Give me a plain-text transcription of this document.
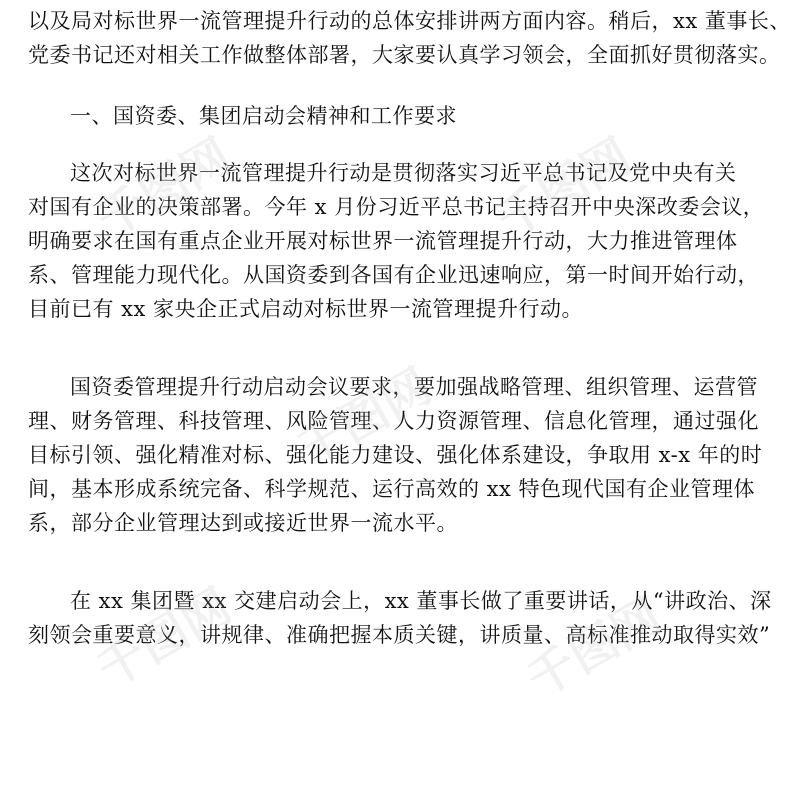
以及局对标世界一流管理提升行动的总体安排讲两方面内容。稍后，xx 董事长、
党委书记还对相关工作做整体部署，大家要认真学习领会，全面抓好贯彻落实。

一、国资委、集团启动会精神和工作要求

这次对标世界一流管理提升行动是贯彻落实习近平总书记及党中央有关
对国有企业的决策部署。今年 x 月份习近平总书记主持召开中央深改委会议，
明确要求在国有重点企业开展对标世界一流管理提升行动，大力推进管理体
系、管理能力现代化。从国资委到各国有企业迅速响应，第一时间开始行动，
目前已有 xx 家央企正式启动对标世界一流管理提升行动。

国资委管理提升行动启动会议要求，要加强战略管理、组织管理、运营管
理、财务管理、科技管理、风险管理、人力资源管理、信息化管理，通过强化
目标引领、强化精准对标、强化能力建设、强化体系建设，争取用 x-x 年的时
间，基本形成系统完备、科学规范、运行高效的 xx 特色现代国有企业管理体
系，部分企业管理达到或接近世界一流水平。

在 xx 集团暨 xx 交建启动会上，xx 董事长做了重要讲话，从“讲政治、深
刻领会重要意义，讲规律、准确把握本质关键，讲质量、高标准推动取得实效”

千图网	千图网
千图网
千图网	千图网
